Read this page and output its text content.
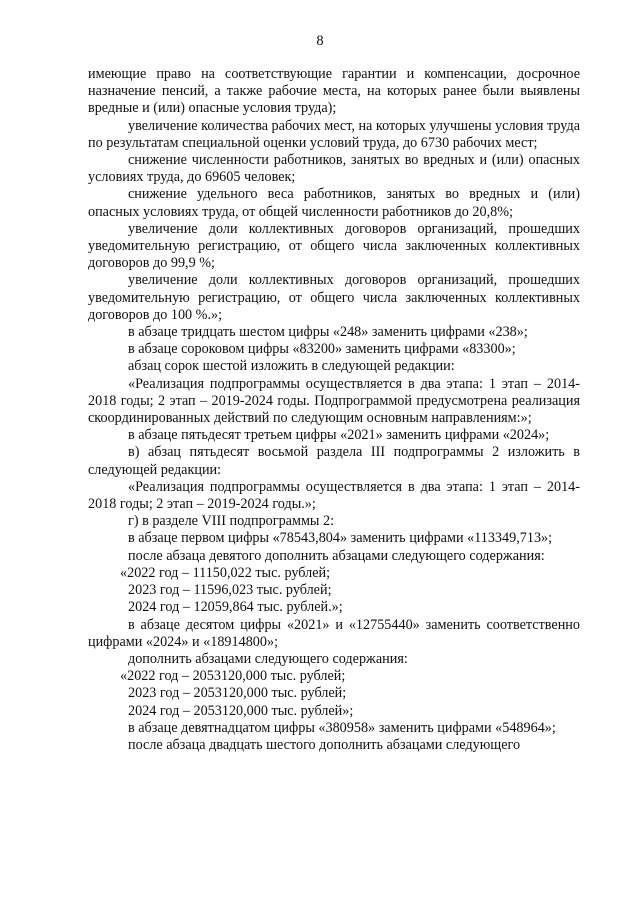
8

имеющие право на соответствующие гарантии и компенсации, досрочное назначение пенсий, а также рабочие места, на которых ранее были выявлены вредные и (или) опасные условия труда);

увеличение количества рабочих мест, на которых улучшены условия труда по результатам специальной оценки условий труда, до 6730 рабочих мест;

снижение численности работников, занятых во вредных и (или) опасных условиях труда, до 69605 человек;

снижение удельного веса работников, занятых во вредных и (или) опасных условиях труда, от общей численности работников до 20,8%;

увеличение доли коллективных договоров организаций, прошедших уведомительную регистрацию, от общего числа заключенных коллективных договоров до 99,9 %;

увеличение доли коллективных договоров организаций, прошедших уведомительную регистрацию, от общего числа заключенных коллективных договоров до 100 %.»;

в абзаце тридцать шестом цифры «248» заменить цифрами «238»;

в абзаце сороковом цифры «83200» заменить цифрами «83300»;

абзац сорок шестой изложить в следующей редакции:

«Реализация подпрограммы осуществляется в два этапа: 1 этап – 2014-2018 годы; 2 этап – 2019-2024 годы. Подпрограммой предусмотрена реализация скоординированных действий по следующим основным направлениям:»;

в абзаце пятьдесят третьем цифры «2021» заменить цифрами «2024»;

в) абзац пятьдесят восьмой раздела III подпрограммы 2 изложить в следующей редакции:

«Реализация подпрограммы осуществляется в два этапа: 1 этап – 2014-2018 годы; 2 этап – 2019-2024 годы.»;

г) в разделе VIII подпрограммы 2:

в абзаце первом цифры «78543,804» заменить цифрами «113349,713»;

после абзаца девятого дополнить абзацами следующего содержания:

«2022 год – 11150,022 тыс. рублей;

2023 год – 11596,023 тыс. рублей;

2024 год – 12059,864 тыс. рублей.»;

в абзаце десятом цифры «2021» и «12755440» заменить соответственно цифрами «2024» и «18914800»;

дополнить абзацами следующего содержания:

«2022 год – 2053120,000 тыс. рублей;

2023 год – 2053120,000 тыс. рублей;

2024 год – 2053120,000 тыс. рублей»;

в абзаце девятнадцатом цифры «380958» заменить цифрами «548964»;

после абзаца двадцать шестого дополнить абзацами следующего
